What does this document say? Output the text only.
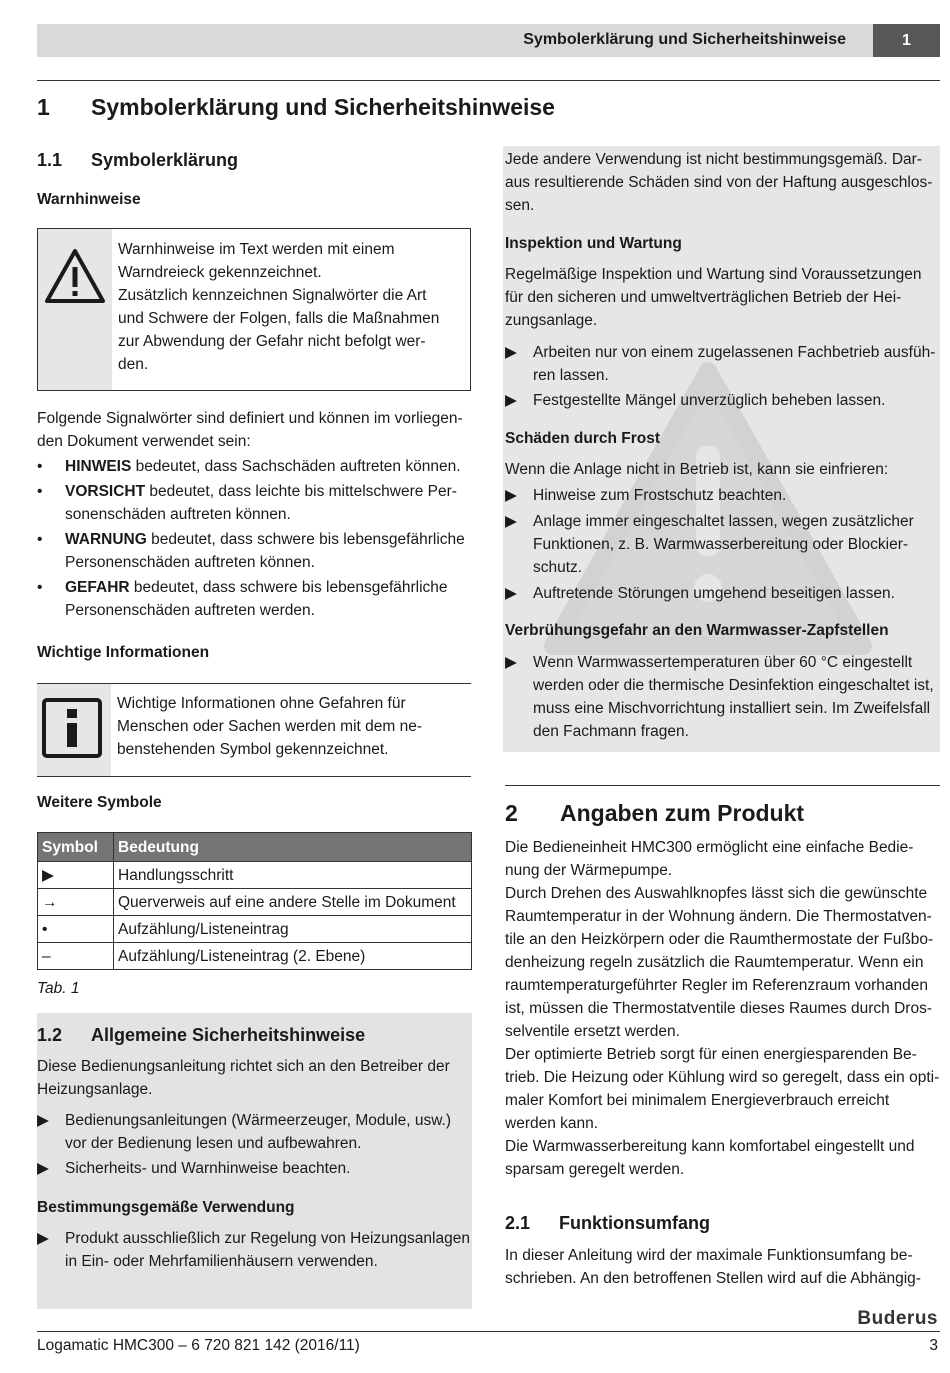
Symbolerklärung und Sicherheitshinweise	1
1 Symbolerklärung und Sicherheitshinweise
1.1 Symbolerklärung
Warnhinweise
Warnhinweise im Text werden mit einem
Warndreieck gekennzeichnet.
Zusätzlich kennzeichnen Signalwörter die Art
und Schwere der Folgen, falls die Maßnahmen
zur Abwendung der Gefahr nicht befolgt wer-
den.
Folgende Signalwörter sind definiert und können im vorliegen-
den Dokument verwendet sein:
• HINWEIS bedeutet, dass Sachschäden auftreten können.
• VORSICHT bedeutet, dass leichte bis mittelschwere Per-
sonenschäden auftreten können.
• WARNUNG bedeutet, dass schwere bis lebensgefährliche
Personenschäden auftreten können.
• GEFAHR bedeutet, dass schwere bis lebensgefährliche
Personenschäden auftreten werden.
Wichtige Informationen
Wichtige Informationen ohne Gefahren für
Menschen oder Sachen werden mit dem ne-
benstehenden Symbol gekennzeichnet.
Weitere Symbole
Symbol	Bedeutung
▶	Handlungsschritt
→	Querverweis auf eine andere Stelle im Dokument
•	Aufzählung/Listeneintrag
–	Aufzählung/Listeneintrag (2. Ebene)
Tab. 1
1.2 Allgemeine Sicherheitshinweise
Diese Bedienungsanleitung richtet sich an den Betreiber der
Heizungsanlage.
▶ Bedienungsanleitungen (Wärmeerzeuger, Module, usw.)
vor der Bedienung lesen und aufbewahren.
▶ Sicherheits- und Warnhinweise beachten.
Bestimmungsgemäße Verwendung
▶ Produkt ausschließlich zur Regelung von Heizungsanlagen
in Ein- oder Mehrfamilienhäusern verwenden.
Jede andere Verwendung ist nicht bestimmungsgemäß. Dar-
aus resultierende Schäden sind von der Haftung ausgeschlos-
sen.
Inspektion und Wartung
Regelmäßige Inspektion und Wartung sind Voraussetzungen
für den sicheren und umweltverträglichen Betrieb der Hei-
zungsanlage.
▶ Arbeiten nur von einem zugelassenen Fachbetrieb ausfüh-
ren lassen.
▶ Festgestellte Mängel unverzüglich beheben lassen.
Schäden durch Frost
Wenn die Anlage nicht in Betrieb ist, kann sie einfrieren:
▶ Hinweise zum Frostschutz beachten.
▶ Anlage immer eingeschaltet lassen, wegen zusätzlicher
Funktionen, z. B. Warmwasserbereitung oder Blockier-
schutz.
▶ Auftretende Störungen umgehend beseitigen lassen.
Verbrühungsgefahr an den Warmwasser-Zapfstellen
▶ Wenn Warmwassertemperaturen über 60 °C eingestellt
werden oder die thermische Desinfektion eingeschaltet ist,
muss eine Mischvorrichtung installiert sein. Im Zweifelsfall
den Fachmann fragen.
2 Angaben zum Produkt
Die Bedieneinheit HMC300 ermöglicht eine einfache Bedie-
nung der Wärmepumpe.
Durch Drehen des Auswahlknopfes lässt sich die gewünschte
Raumtemperatur in der Wohnung ändern. Die Thermostatven-
tile an den Heizkörpern oder die Raumthermostate der Fußbo-
denheizung regeln zusätzlich die Raumtemperatur. Wenn ein
raumtemperaturgeführter Regler im Referenzraum vorhanden
ist, müssen die Thermostatventile dieses Raumes durch Dros-
selventile ersetzt werden.
Der optimierte Betrieb sorgt für einen energiesparenden Be-
trieb. Die Heizung oder Kühlung wird so geregelt, dass ein opti-
maler Komfort bei minimalem Energieverbrauch erreicht
werden kann.
Die Warmwasserbereitung kann komfortabel eingestellt und
sparsam geregelt werden.
2.1 Funktionsumfang
In dieser Anleitung wird der maximale Funktionsumfang be-
schrieben. An den betroffenen Stellen wird auf die Abhängig-
Buderus
Logamatic HMC300 – 6 720 821 142 (2016/11)	3
